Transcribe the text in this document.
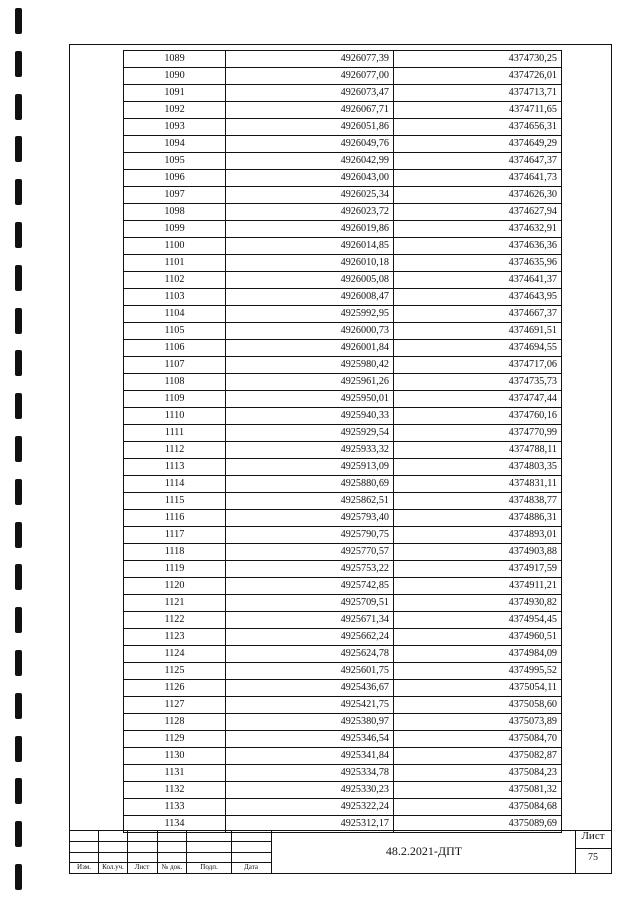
1089	4926077,39	4374730,25
1090	4926077,00	4374726,01
1091	4926073,47	4374713,71
1092	4926067,71	4374711,65
1093	4926051,86	4374656,31
1094	4926049,76	4374649,29
1095	4926042,99	4374647,37
1096	4926043,00	4374641,73
1097	4926025,34	4374626,30
1098	4926023,72	4374627,94
1099	4926019,86	4374632,91
1100	4926014,85	4374636,36
1101	4926010,18	4374635,96
1102	4926005,08	4374641,37
1103	4926008,47	4374643,95
1104	4925992,95	4374667,37
1105	4926000,73	4374691,51
1106	4926001,84	4374694,55
1107	4925980,42	4374717,06
1108	4925961,26	4374735,73
1109	4925950,01	4374747,44
1110	4925940,33	4374760,16
1111	4925929,54	4374770,99
1112	4925933,32	4374788,11
1113	4925913,09	4374803,35
1114	4925880,69	4374831,11
1115	4925862,51	4374838,77
1116	4925793,40	4374886,31
1117	4925790,75	4374893,01
1118	4925770,57	4374903,88
1119	4925753,22	4374917,59
1120	4925742,85	4374911,21
1121	4925709,51	4374930,82
1122	4925671,34	4374954,45
1123	4925662,24	4374960,51
1124	4925624,78	4374984,09
1125	4925601,75	4374995,52
1126	4925436,67	4375054,11
1127	4925421,75	4375058,60
1128	4925380,97	4375073,89
1129	4925346,54	4375084,70
1130	4925341,84	4375082,87
1131	4925334,78	4375084,23
1132	4925330,23	4375081,32
1133	4925322,24	4375084,68
1134	4925312,17	4375089,69
Изм.	Кол.уч.	Лист	№ док.	Подп.	Дата
48.2.2021-ДПТ
Лист
75
